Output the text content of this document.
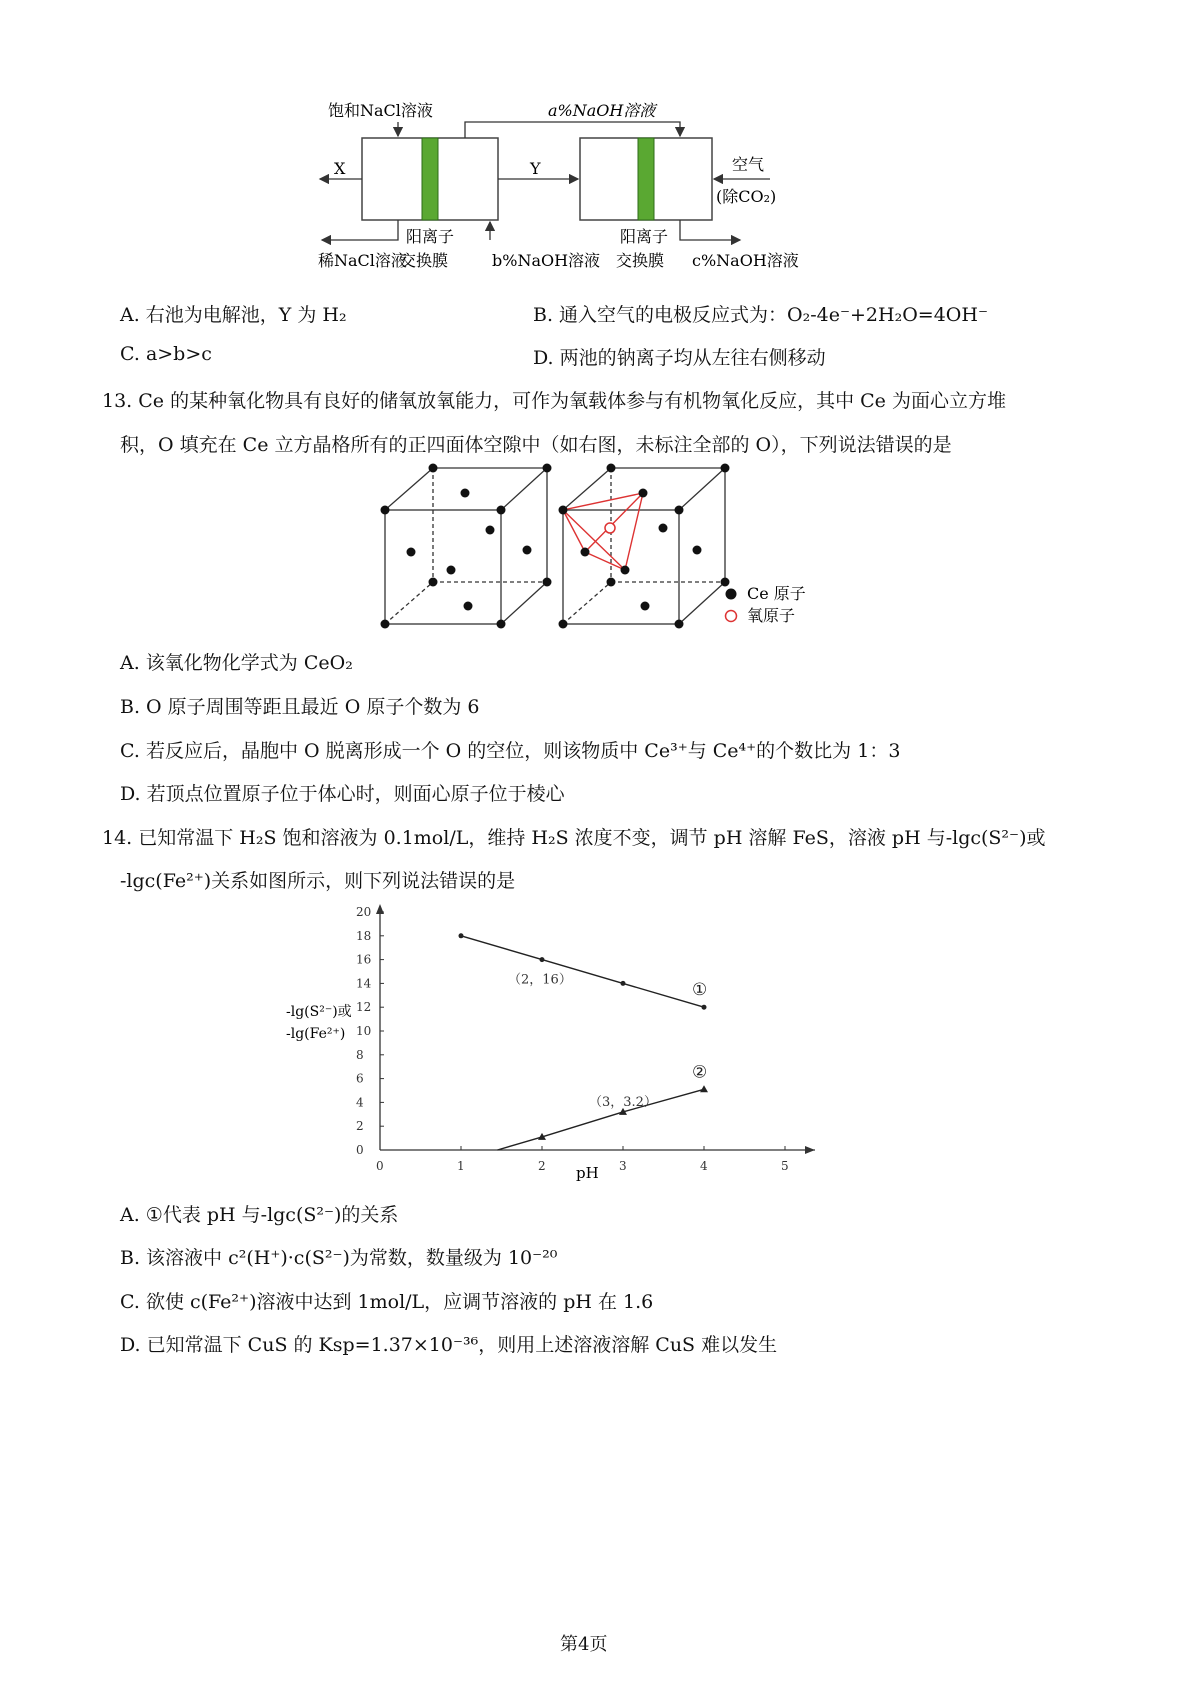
饱和NaCl溶液	a%NaOH溶液
X	Y	空气
(除CO₂)
阳离子
交换膜
阳离子
交换膜
稀NaCl溶液	b%NaOH溶液	c%NaOH溶液
A. 右池为电解池，Y 为 H₂	B. 通入空气的电极反应式为：O₂-4e⁻+2H₂O=4OH⁻
C. a>b>c	D. 两池的钠离子均从左往右侧移动
13. Ce 的某种氧化物具有良好的储氧放氧能力，可作为氧载体参与有机物氧化反应，其中 Ce 为面心立方堆
积，O 填充在 Ce 立方晶格所有的正四面体空隙中（如右图，未标注全部的 O），下列说法错误的是
Ce 原子
氧原子
A. 该氧化物化学式为 CeO₂
B. O 原子周围等距且最近 O 原子个数为 6
C. 若反应后，晶胞中 O 脱离形成一个 O 的空位，则该物质中 Ce³⁺与 Ce⁴⁺的个数比为 1：3
D. 若顶点位置原子位于体心时，则面心原子位于棱心
14. 已知常温下 H₂S 饱和溶液为 0.1mol/L，维持 H₂S 浓度不变，调节 pH 溶解 FeS，溶液 pH 与-lgc(S²⁻)或
-lgc(Fe²⁺)关系如图所示，则下列说法错误的是
0	1	2	3	4	5
0
2
4
6
8
10
12
14
16
18
20
①
②
（2，16）
（3，3.2）
-lg(S²⁻)或
-lg(Fe²⁺)
pH
A. ①代表 pH 与-lgc(S²⁻)的关系
B. 该溶液中 c²(H⁺)·c(S²⁻)为常数，数量级为 10⁻²⁰
C. 欲使 c(Fe²⁺)溶液中达到 1mol/L，应调节溶液的 pH 在 1.6
D. 已知常温下 CuS 的 Ksp=1.37×10⁻³⁶，则用上述溶液溶解 CuS 难以发生
第4页
